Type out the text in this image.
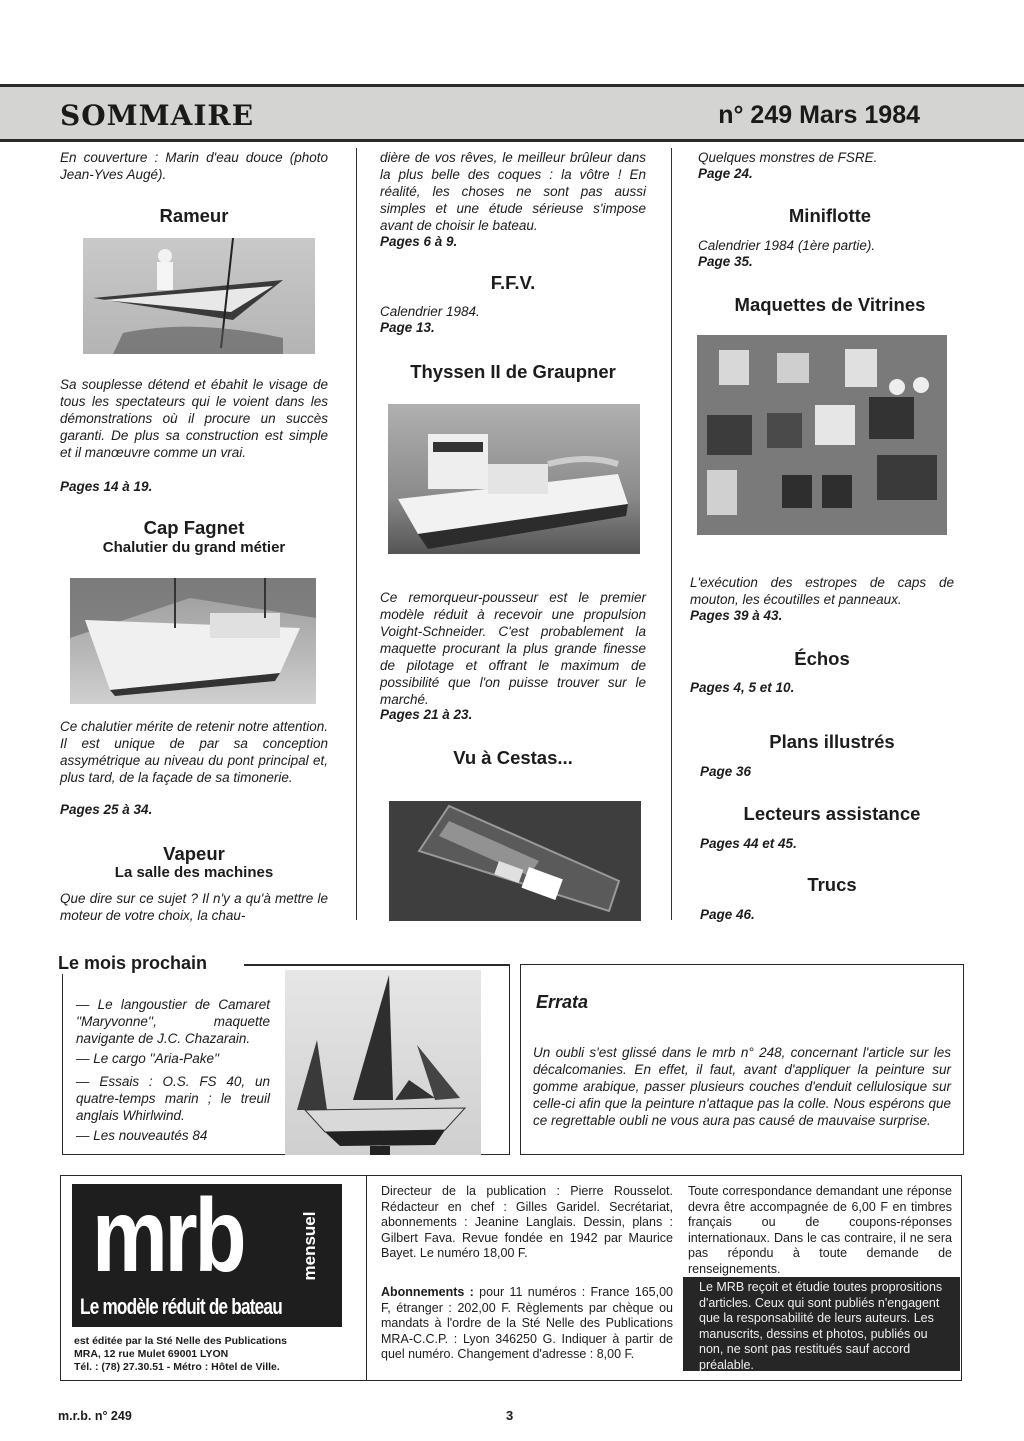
SOMMAIRE	n° 249 Mars 1984
En couverture : Marin d'eau douce (photo Jean-Yves Augé).
Rameur
Sa souplesse détend et ébahit le visage de tous les spectateurs qui le voient dans les démonstrations où il procure un succès garanti. De plus sa construction est simple et il manœuvre comme un vrai.
Pages 14 à 19.
Cap Fagnet
Chalutier du grand métier
Ce chalutier mérite de retenir notre attention. Il est unique de par sa conception assymétrique au niveau du pont principal et, plus tard, de la façade de sa timonerie.
Pages 25 à 34.
Vapeur
La salle des machines
Que dire sur ce sujet ? Il n'y a qu'à mettre le moteur de votre choix, la chau-
dière de vos rêves, le meilleur brûleur dans la plus belle des coques : la vôtre ! En réalité, les choses ne sont pas aussi simples et une étude sérieuse s'impose avant de choisir le bateau.
Pages 6 à 9.
F.F.V.
Calendrier 1984.
Page 13.
Thyssen II de Graupner
Ce remorqueur-pousseur est le premier modèle réduit à recevoir une propulsion Voight-Schneider. C'est probablement la maquette procurant la plus grande finesse de pilotage et offrant le maximum de possibilité que l'on puisse trouver sur le marché.
Pages 21 à 23.
Vu à Cestas...
Quelques monstres de FSRE.
Page 24.
Miniflotte
Calendrier 1984 (1ère partie).
Page 35.
Maquettes de Vitrines
L'exécution des estropes de caps de mouton, les écoutilles et panneaux.
Pages 39 à 43.
Échos
Pages 4, 5 et 10.
Plans illustrés
Page 36
Lecteurs assistance
Pages 44 et 45.
Trucs
Page 46.
Le mois prochain
— Le langoustier de Camaret ''Maryvonne'', maquette navigante de J.C. Chazarain.
— Le cargo ''Aria-Pake''
— Essais : O.S. FS 40, un quatre-temps marin ; le treuil anglais Whirlwind.
— Les nouveautés 84
Errata
Un oubli s'est glissé dans le mrb n° 248, concernant l'article sur les décalcomanies. En effet, il faut, avant d'appliquer la peinture sur gomme arabique, passer plusieurs couches d'enduit cellulosique sur celle-ci afin que la peinture n'attaque pas la colle. Nous espérons que ce regrettable oubli ne vous aura pas causé de mauvaise surprise.
mrb	mensuel
Le modèle réduit de bateau
est éditée par la Sté Nelle des Publications
MRA, 12 rue Mulet 69001 LYON
Tél. : (78) 27.30.51 - Métro : Hôtel de Ville.
Directeur de la publication : Pierre Rousselot. Rédacteur en chef : Gilles Garidel. Secrétariat, abonnements : Jeanine Langlais. Dessin, plans : Gilbert Fava. Revue fondée en 1942 par Maurice Bayet. Le numéro 18,00 F.
Abonnements : pour 11 numéros : France 165,00 F, étranger : 202,00 F. Règlements par chèque ou mandats à l'ordre de la Sté Nelle des Publications MRA-C.C.P. : Lyon 346250 G. Indiquer à partir de quel numéro. Changement d'adresse : 8,00 F.
Toute correspondance demandant une réponse devra être accompagnée de 6,00 F en timbres français ou de coupons-réponses internationaux. Dans le cas contraire, il ne sera pas répondu à toute demande de renseignements.
Le MRB reçoit et étudie toutes proprositions d'articles. Ceux qui sont publiés n'engagent que la responsabilité de leurs auteurs. Les manuscrits, dessins et photos, publiés ou non, ne sont pas restitués sauf accord préalable.
m.r.b. n° 249	3
